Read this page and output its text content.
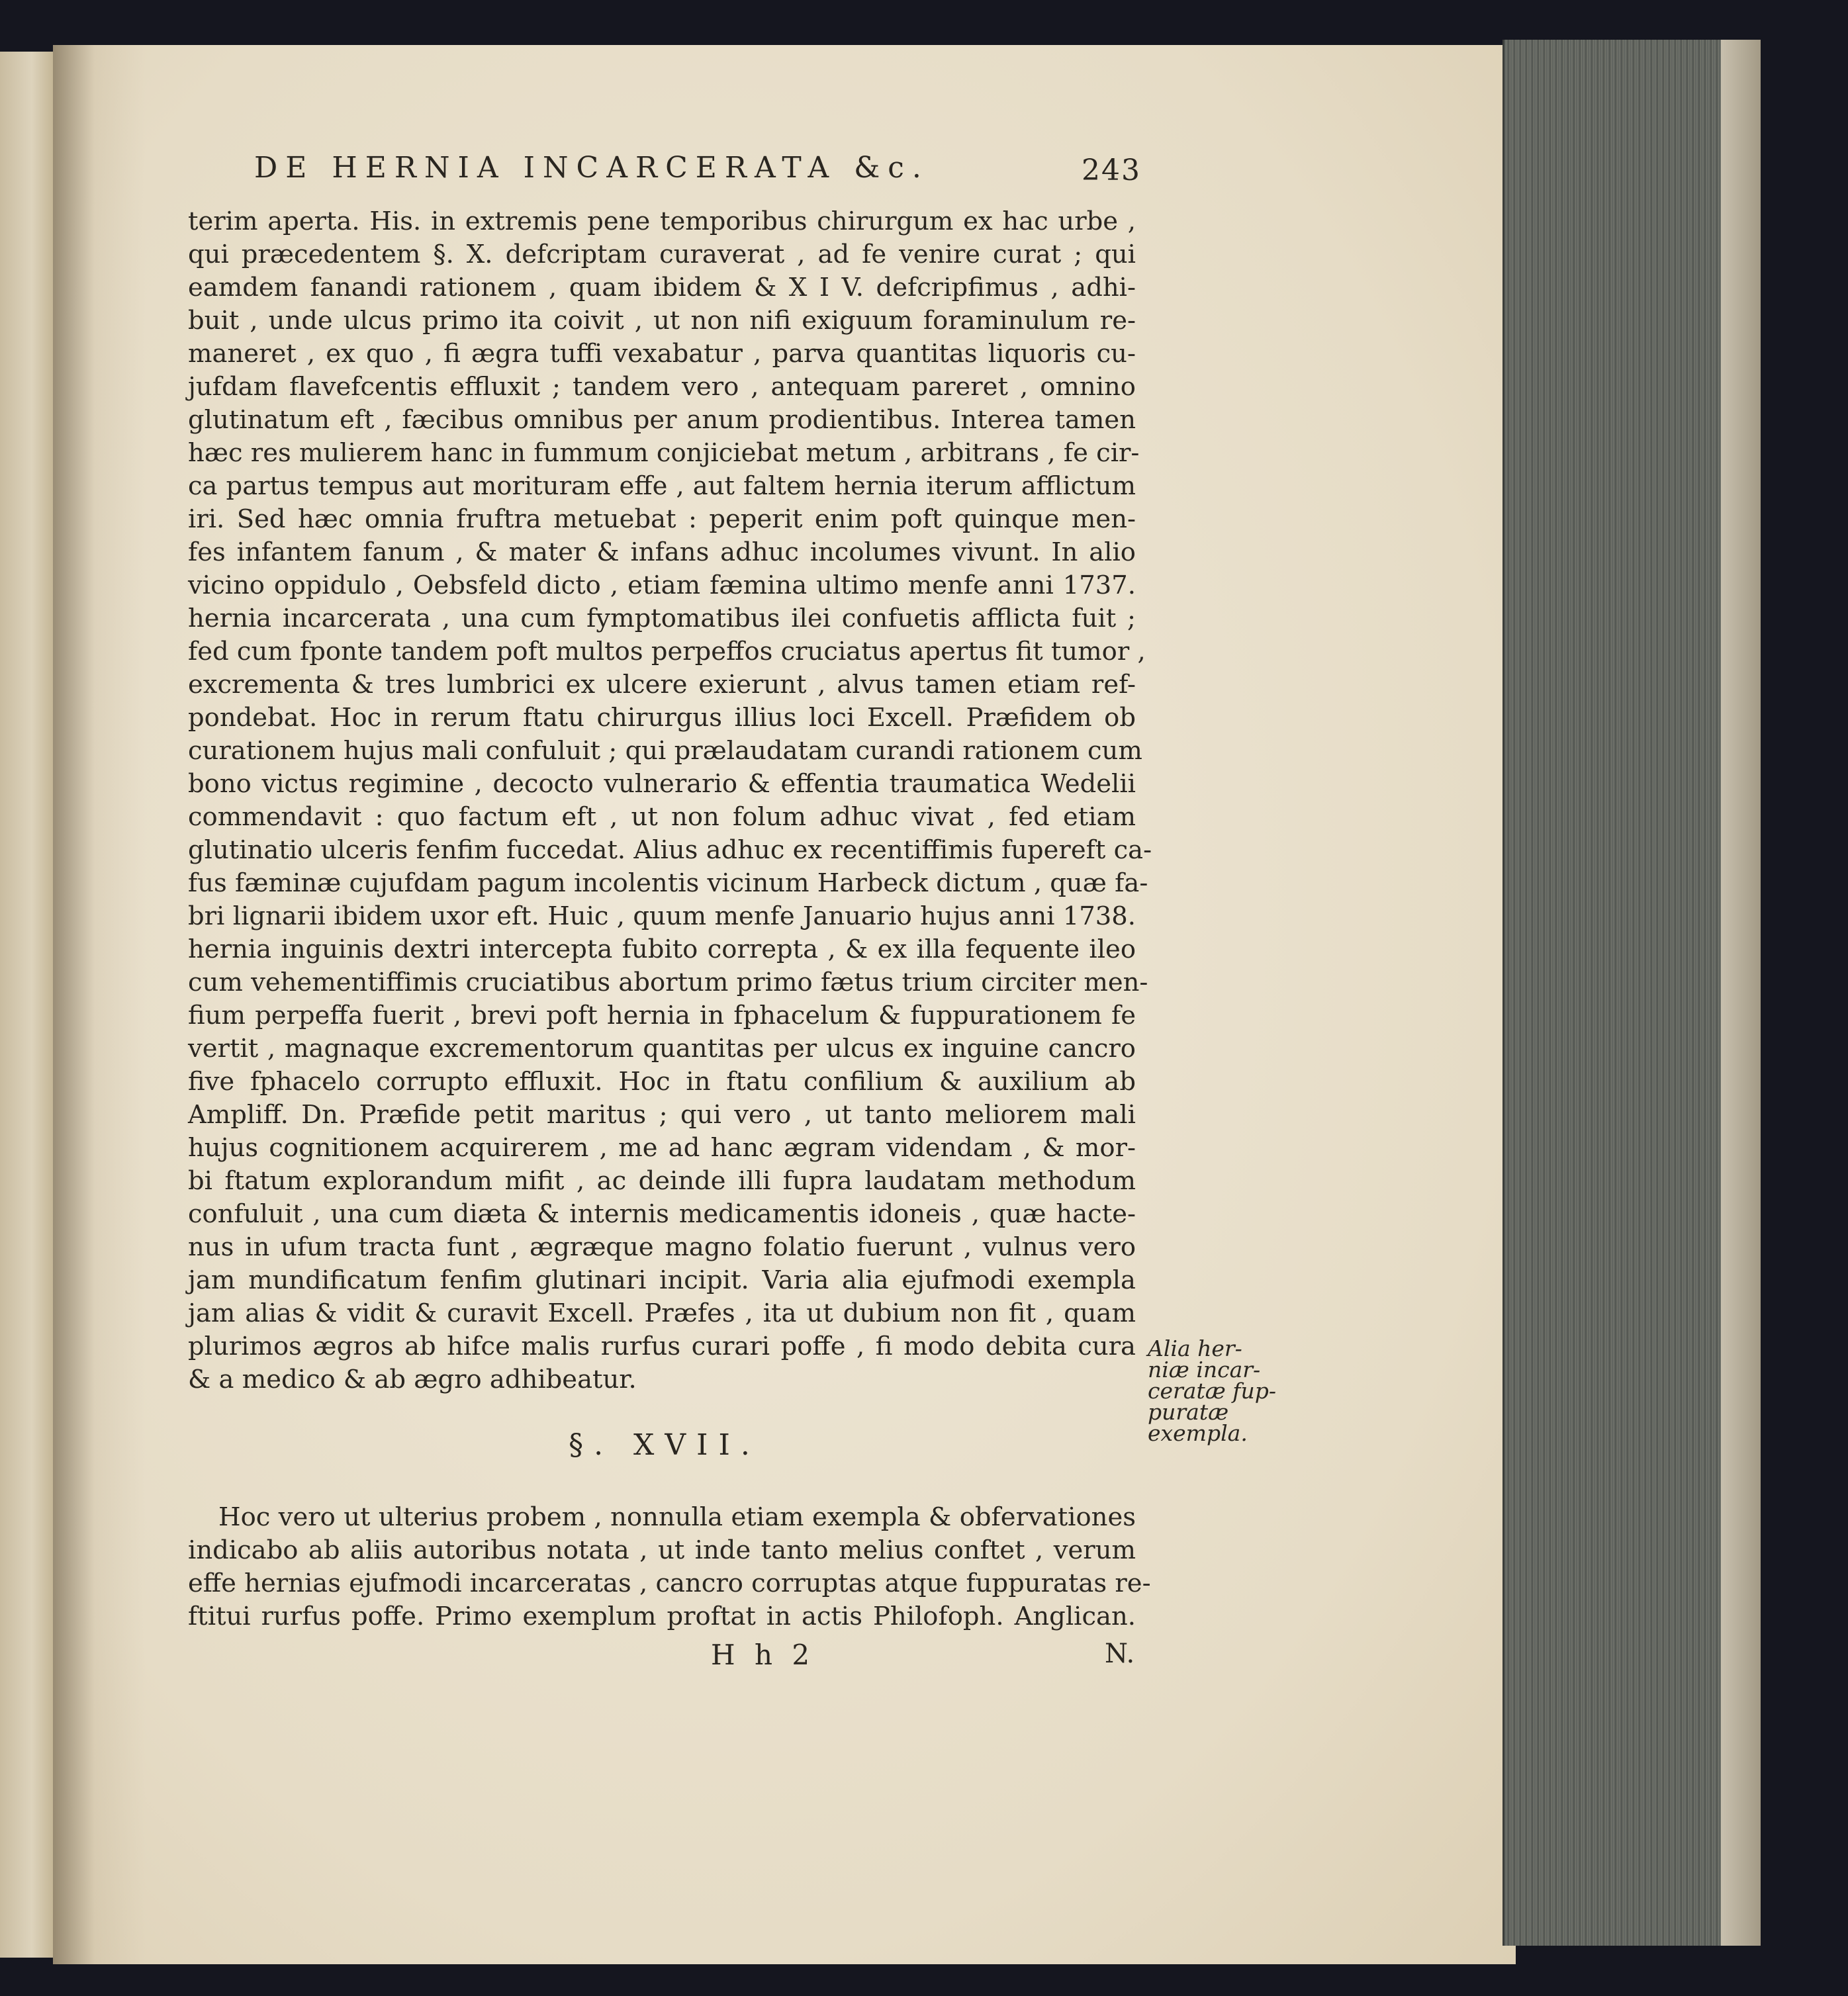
DE HERNIA INCARCERATA &c.	243
terim aperta. His. in extremis pene temporibus chirurgum ex hac urbe ,
qui præcedentem §. X. defcriptam curaverat , ad fe venire curat ; qui
eamdem fanandi rationem , quam ibidem & X I V. defcripfimus , adhi-
buit , unde ulcus primo ita coivit , ut non nifi exiguum foraminulum re-
maneret , ex quo , fi ægra tuffi vexabatur , parva quantitas liquoris cu-
jufdam flavefcentis effluxit ; tandem vero , antequam pareret , omnino
glutinatum eft , fæcibus omnibus per anum prodientibus. Interea tamen
hæc res mulierem hanc in fummum conjiciebat metum , arbitrans , fe cir-
ca partus tempus aut morituram effe , aut faltem hernia iterum afflictum
iri. Sed hæc omnia fruftra metuebat : peperit enim poft quinque men-
fes infantem fanum , & mater & infans adhuc incolumes vivunt. In alio
vicino oppidulo , Oebsfeld dicto , etiam fæmina ultimo menfe anni 1737.
hernia incarcerata , una cum fymptomatibus ilei confuetis afflicta fuit ;
fed cum fponte tandem poft multos perpeffos cruciatus apertus fit tumor ,
excrementa & tres lumbrici ex ulcere exierunt , alvus tamen etiam ref-
pondebat. Hoc in rerum ftatu chirurgus illius loci Excell. Præfidem ob
curationem hujus mali confuluit ; qui prælaudatam curandi rationem cum
bono victus regimine , decocto vulnerario & effentia traumatica Wedelii
commendavit : quo factum eft , ut non folum adhuc vivat , fed etiam
glutinatio ulceris fenfim fuccedat. Alius adhuc ex recentiffimis fupereft ca-
fus fæminæ cujufdam pagum incolentis vicinum Harbeck dictum , quæ fa-
bri lignarii ibidem uxor eft. Huic , quum menfe Januario hujus anni 1738.
hernia inguinis dextri intercepta fubito correpta , & ex illa fequente ileo
cum vehementiffimis cruciatibus abortum primo fætus trium circiter men-
fium perpeffa fuerit , brevi poft hernia in fphacelum & fuppurationem fe
vertit , magnaque excrementorum quantitas per ulcus ex inguine cancro
five fphacelo corrupto effluxit. Hoc in ftatu confilium & auxilium ab
Ampliff. Dn. Præfide petit maritus ; qui vero , ut tanto meliorem mali
hujus cognitionem acquirerem , me ad hanc ægram videndam , & mor-
bi ftatum explorandum mifit , ac deinde illi fupra laudatam methodum
confuluit , una cum diæta & internis medicamentis idoneis , quæ hacte-
nus in ufum tracta funt , ægræque magno folatio fuerunt , vulnus vero
jam mundificatum fenfim glutinari incipit. Varia alia ejufmodi exempla
jam alias & vidit & curavit Excell. Præfes , ita ut dubium non fit , quam
plurimos ægros ab hifce malis rurfus curari poffe , fi modo debita cura
& a medico & ab ægro adhibeatur.
§. XVII.
Hoc vero ut ulterius probem , nonnulla etiam exempla & obfervationes
indicabo ab aliis autoribus notata , ut inde tanto melius conftet , verum
effe hernias ejufmodi incarceratas , cancro corruptas atque fuppuratas re-
ftitui rurfus poffe. Primo exemplum proftat in actis Philofoph. Anglican.
H h 2	N.
Alia her-
niæ incar-
ceratæ fup-
puratæ
exempla.
